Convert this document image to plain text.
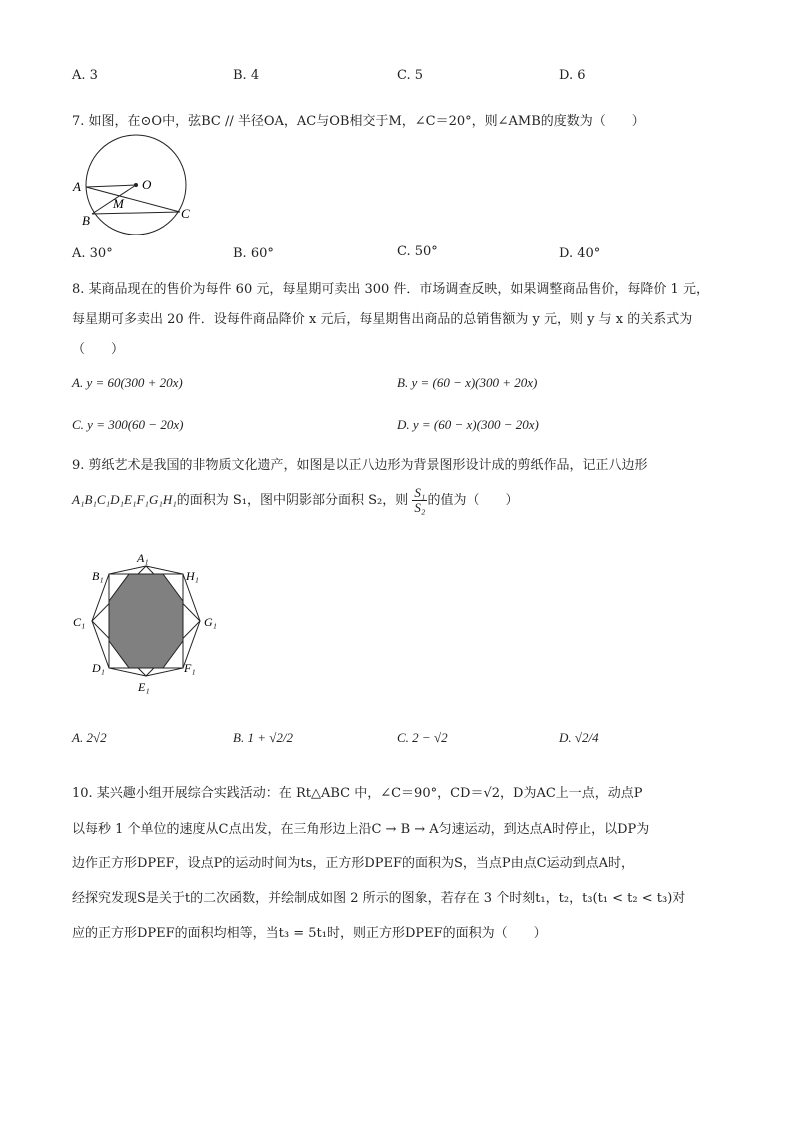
A. 3	B. 4	C. 5	D. 6
7. 如图，在⊙O中，弦BC // 半径OA，AC与OB相交于M，∠C＝20°，则∠AMB的度数为（　　）
A	O
M
B	C
A. 30°	B. 60°	C. 50°	D. 40°
8. 某商品现在的售价为每件 60 元，每星期可卖出 300 件．市场调查反映，如果调整商品售价，每降价 1 元，
每星期可多卖出 20 件．设每件商品降价 x 元后，每星期售出商品的总销售额为 y 元，则 y 与 x 的关系式为
（　　）
A. y = 60(300 + 20x)	B. y = (60 − x)(300 + 20x)
C. y = 300(60 − 20x)	D. y = (60 − x)(300 − 20x)
9. 剪纸艺术是我国的非物质文化遗产，如图是以正八边形为背景图形设计成的剪纸作品，记正八边形
A₁B₁C₁D₁E₁F₁G₁H₁的面积为 S₁，图中阴影部分面积 S₂，则 $\frac{\text{S₁}}{\text{S₂}}$ 的值为（　　）
A₁
B₁	H₁
C₁	G₁
D₁	F₁
E₁
A. 2√2	B. 1 + √2/2	C. 2 − √2	D. √2/4
10. 某兴趣小组开展综合实践活动：在 Rt△ABC 中，∠C＝90°，CD＝√2，D为AC上一点，动点P
以每秒 1 个单位的速度从C点出发，在三角形边上沿C → B → A匀速运动，到达点A时停止，以DP为
边作正方形DPEF，设点P的运动时间为ts，正方形DPEF的面积为S，当点P由点C运动到点A时，
经探究发现S是关于t的二次函数，并绘制成如图 2 所示的图象，若存在 3 个时刻t₁，t₂，t₃(t₁ < t₂ < t₃)对
应的正方形DPEF的面积均相等，当t₃ = 5t₁时，则正方形DPEF的面积为（　　）
